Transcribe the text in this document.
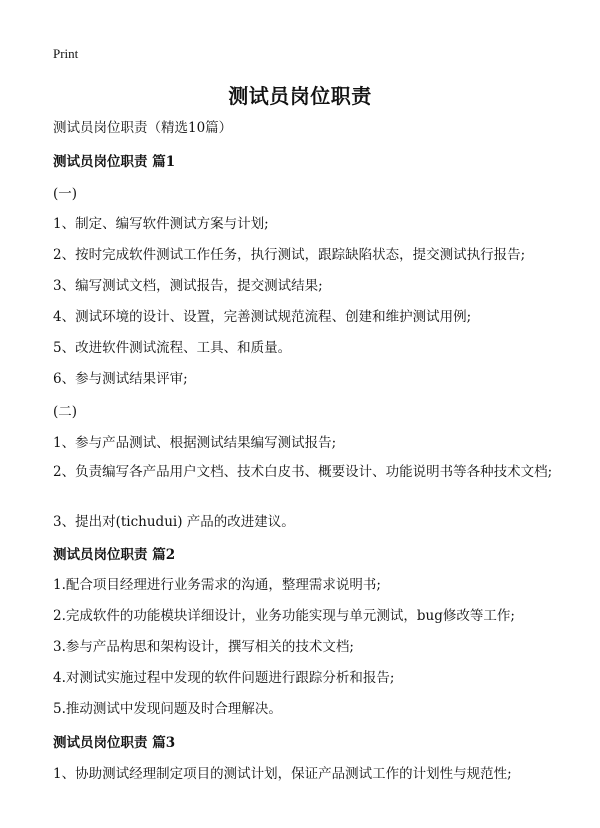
Print
测试员岗位职责
测试员岗位职责（精选10篇）
测试员岗位职责 篇1
(一)
1、制定、编写软件测试方案与计划;
2、按时完成软件测试工作任务，执行测试，跟踪缺陷状态，提交测试执行报告;
3、编写测试文档，测试报告，提交测试结果;
4、测试环境的设计、设置，完善测试规范流程、创建和维护测试用例;
5、改进软件测试流程、工具、和质量。
6、参与测试结果评审;
(二)
1、参与产品测试、根据测试结果编写测试报告;
2、负责编写各产品用户文档、技术白皮书、概要设计、功能说明书等各种技术文档;
3、提出对(tichudui) 产品的改进建议。
测试员岗位职责 篇2
1.配合项目经理进行业务需求的沟通，整理需求说明书;
2.完成软件的功能模块详细设计，业务功能实现与单元测试，bug修改等工作;
3.参与产品构思和架构设计，撰写相关的技术文档;
4.对测试实施过程中发现的软件问题进行跟踪分析和报告;
5.推动测试中发现问题及时合理解决。
测试员岗位职责 篇3
1、协助测试经理制定项目的测试计划，保证产品测试工作的计划性与规范性;
